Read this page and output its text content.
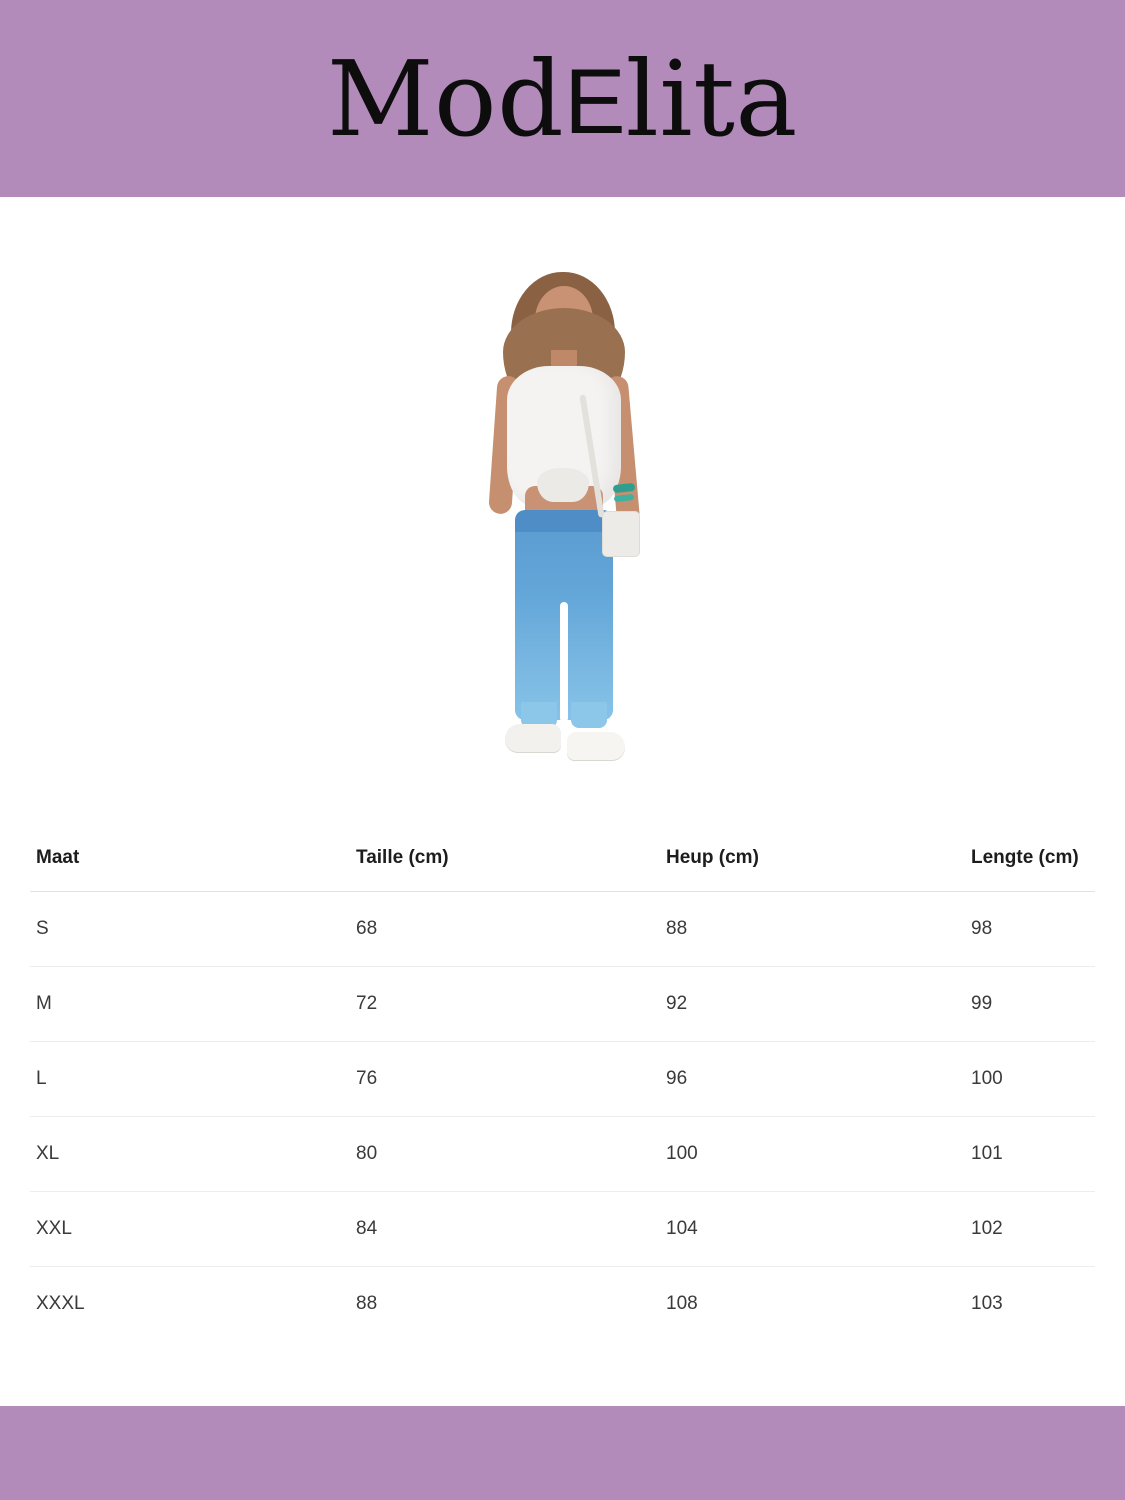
Mod E lita
Maat	Taille (cm)	Heup (cm)	Lengte (cm)
S	68	88	98
M	72	92	99
L	76	96	100
XL	80	100	101
XXL	84	104	102
XXXL	88	108	103
